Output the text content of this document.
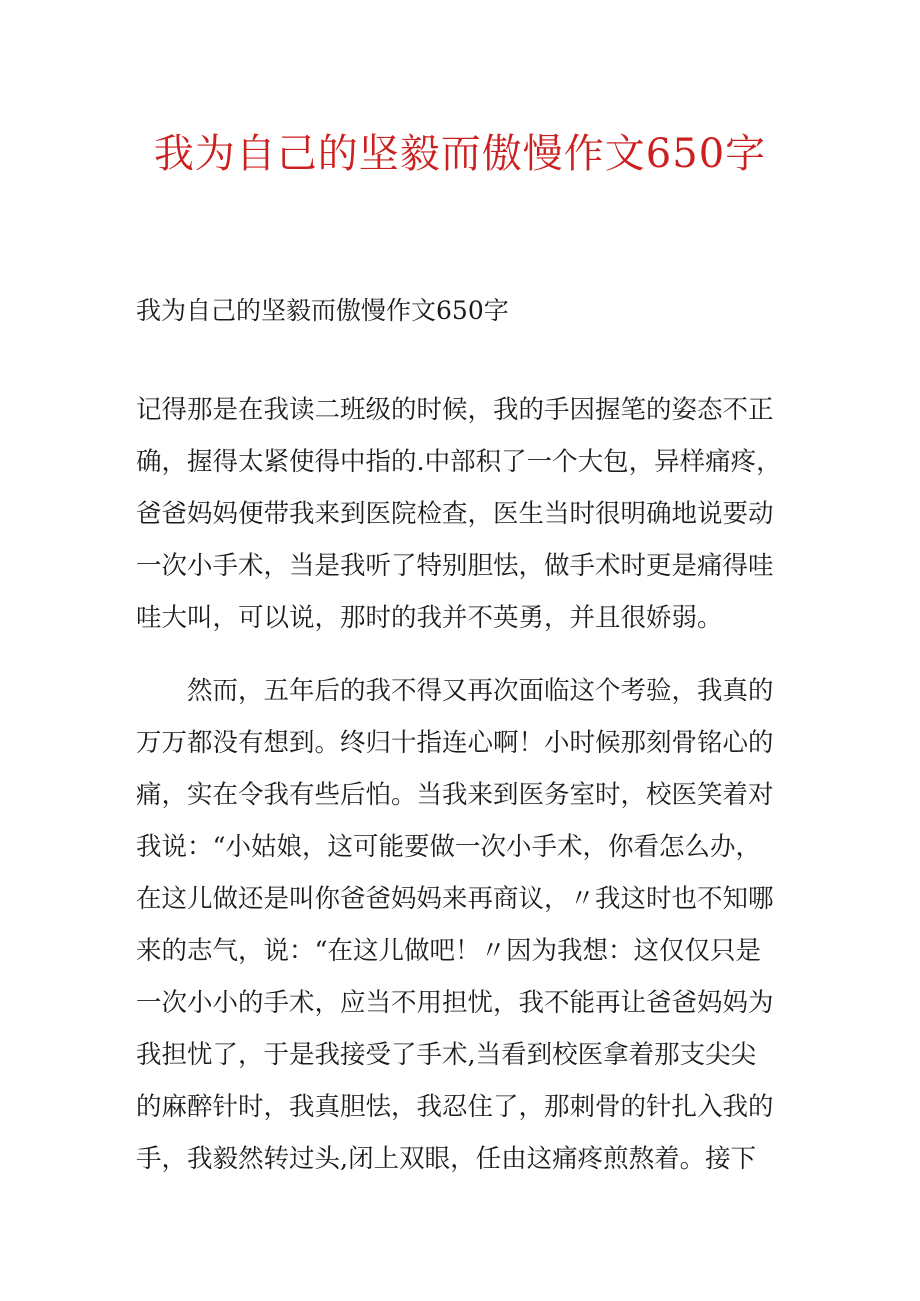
我为自己的坚毅而傲慢作文650字

我为自己的坚毅而傲慢作文650字

记得那是在我读二班级的时候，我的手因握笔的姿态不正
确，握得太紧使得中指的.中部积了一个大包，异样痛疼，
爸爸妈妈便带我来到医院检查，医生当时很明确地说要动
一次小手术，当是我听了特别胆怯，做手术时更是痛得哇
哇大叫，可以说，那时的我并不英勇，并且很娇弱。
　　然而，五年后的我不得又再次面临这个考验，我真的
万万都没有想到。终归十指连心啊！小时候那刻骨铭心的
痛，实在令我有些后怕。当我来到医务室时，校医笑着对
我说：“小姑娘，这可能要做一次小手术，你看怎么办，
在这儿做还是叫你爸爸妈妈来再商议，〃我这时也不知哪
来的志气，说：“在这儿做吧！〃因为我想：这仅仅只是
一次小小的手术，应当不用担忧，我不能再让爸爸妈妈为
我担忧了，于是我接受了手术,当看到校医拿着那支尖尖
的麻醉针时，我真胆怯，我忍住了，那刺骨的针扎入我的
手，我毅然转过头,闭上双眼，任由这痛疼煎熬着。接下
